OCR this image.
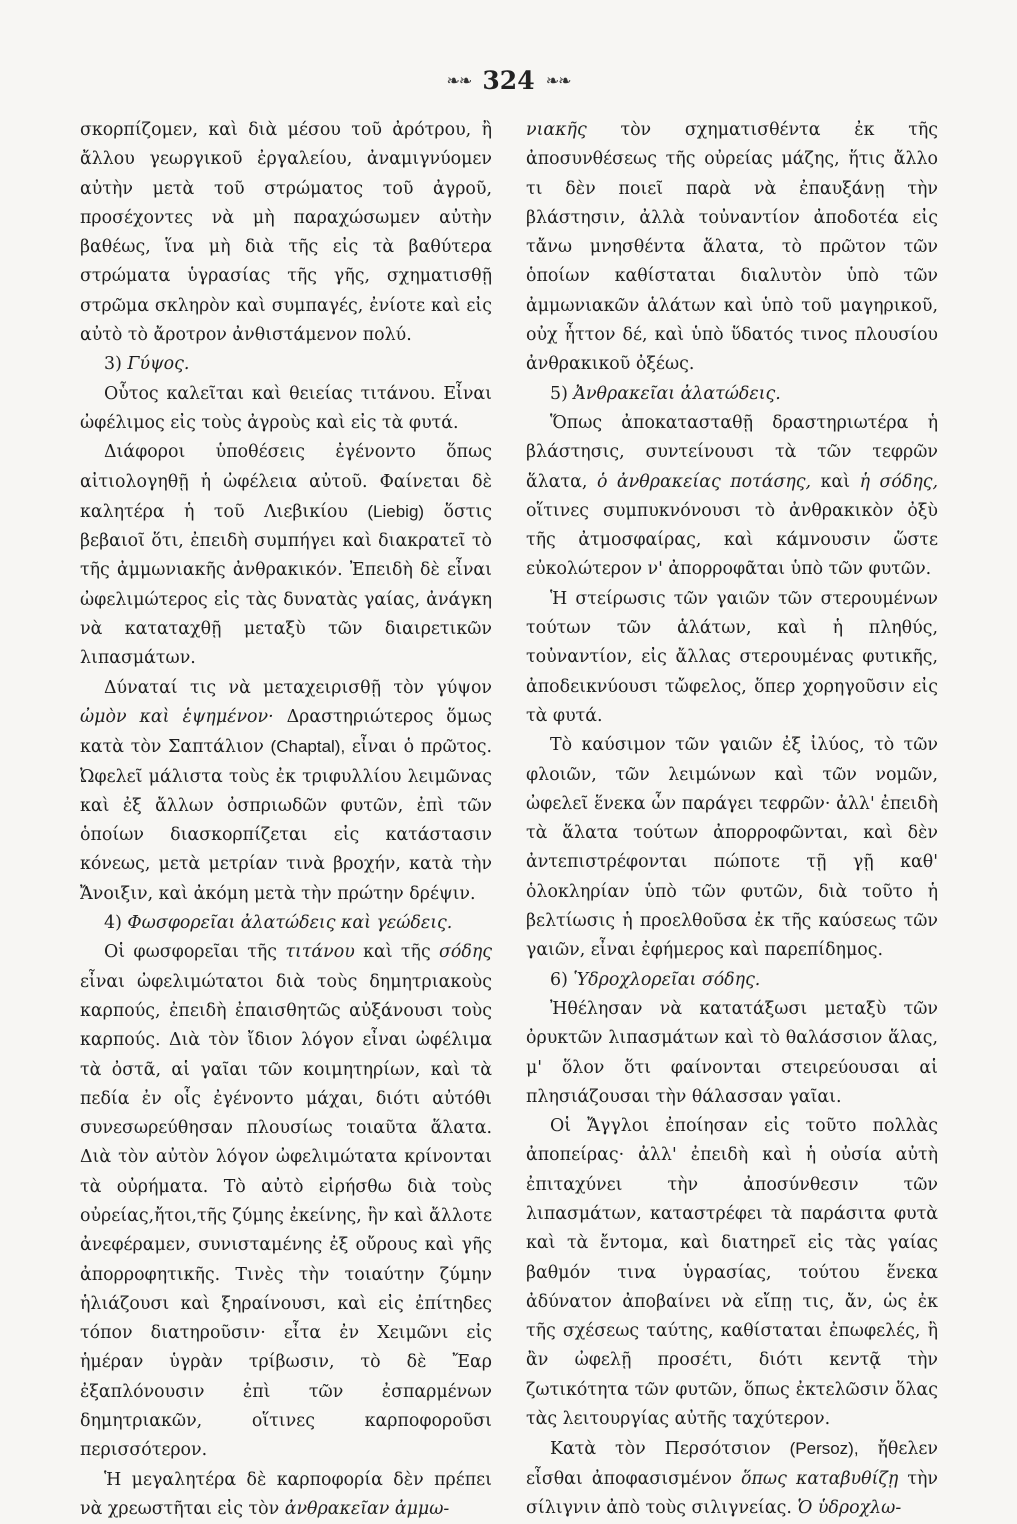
❧❧ 324 ❧❧

σκορπίζομεν, καὶ διὰ μέσου τοῦ ἀρότρου, ἢ ἄλλου γεωργικοῦ ἐργαλείου, ἀναμιγνύομεν αὐτὴν μετὰ τοῦ στρώματος τοῦ ἀγροῦ, προσέχοντες νὰ μὴ παραχώσωμεν αὐτὴν βαθέως, ἵνα μὴ διὰ τῆς εἰς τὰ βαθύτερα στρώματα ὑγρασίας τῆς γῆς, σχηματισθῇ στρῶμα σκληρὸν καὶ συμπαγές, ἐνίοτε καὶ εἰς αὐτὸ τὸ ἄροτρον ἀνθιστάμενον πολύ.

3) Γύψος.

Οὗτος καλεῖται καὶ θειείας τιτάνου. Εἶναι ὠφέλιμος εἰς τοὺς ἀγροὺς καὶ εἰς τὰ φυτά.

Διάφοροι ὑποθέσεις ἐγένοντο ὅπως αἰτιολογηθῇ ἡ ὠφέλεια αὐτοῦ. Φαίνεται δὲ καλητέρα ἡ τοῦ Λιεβικίου (Liebig) ὅστις βεβαιοῖ ὅτι, ἐπειδὴ συμπήγει καὶ διακρατεῖ τὸ τῆς ἀμμωνιακῆς ἀνθρακικόν. Ἐπειδὴ δὲ εἶναι ὠφελιμώτερος εἰς τὰς δυνατὰς γαίας, ἀνάγκη νὰ καταταχθῇ μεταξὺ τῶν διαιρετικῶν λιπασμάτων.

Δύναταί τις νὰ μεταχειρισθῇ τὸν γύψον ὠμὸν καὶ ἑψημένον· Δραστηριώτερος ὅμως κατὰ τὸν Σαπτάλιον (Chaptal), εἶναι ὁ πρῶτος. Ὠφελεῖ μάλιστα τοὺς ἐκ τριφυλλίου λειμῶνας καὶ ἐξ ἄλλων ὀσπριωδῶν φυτῶν, ἐπὶ τῶν ὁποίων διασκορπίζεται εἰς κατάστασιν κόνεως, μετὰ μετρίαν τινὰ βροχήν, κατὰ τὴν Ἄνοιξιν, καὶ ἀκόμη μετὰ τὴν πρώτην δρέψιν.

4) Φωσφορεῖαι ἀλατώδεις καὶ γεώδεις.

Οἱ φωσφορεῖαι τῆς τιτάνου καὶ τῆς σόδης εἶναι ὠφελιμώτατοι διὰ τοὺς δημητριακοὺς καρπούς, ἐπειδὴ ἐπαισθητῶς αὐξάνουσι τοὺς καρπούς. Διὰ τὸν ἴδιον λόγον εἶναι ὠφέλιμα τὰ ὀστᾶ, αἱ γαῖαι τῶν κοιμητηρίων, καὶ τὰ πεδία ἐν οἷς ἐγένοντο μάχαι, διότι αὐτόθι συνεσωρεύθησαν πλουσίως τοιαῦτα ἅλατα. Διὰ τὸν αὐτὸν λόγον ὠφελιμώτατα κρίνονται τὰ οὐρήματα. Τὸ αὐτὸ εἰρήσθω διὰ τοὺς οὐρείας,ἤτοι,τῆς ζύμης ἐκείνης, ἣν καὶ ἄλλοτε ἀνεφέραμεν, συνισταμένης ἐξ οὔρους καὶ γῆς ἀπορροφητικῆς. Τινὲς τὴν τοιαύτην ζύμην ἡλιάζουσι καὶ ξηραίνουσι, καὶ εἰς ἐπίτηδες τόπον διατηροῦσιν· εἶτα ἐν Χειμῶνι εἰς ἡμέραν ὑγρὰν τρίβωσιν, τὸ δὲ Ἔαρ ἐξαπλόνουσιν ἐπὶ τῶν ἐσπαρμένων δημητριακῶν, οἵτινες καρποφοροῦσι περισσότερον.

Ἡ μεγαλητέρα δὲ καρποφορία δὲν πρέπει νὰ χρεωστῆται εἰς τὸν ἀνθρακεῖαν ἀμμω-

νιακῆς τὸν σχηματισθέντα ἐκ τῆς ἀποσυνθέσεως τῆς οὐρείας μάζης, ἥτις ἄλλο τι δὲν ποιεῖ παρὰ νὰ ἐπαυξάνῃ τὴν βλάστησιν, ἀλλὰ τοὐναντίον ἀποδοτέα εἰς τἄνω μνησθέντα ἅλατα, τὸ πρῶτον τῶν ὁποίων καθίσταται διαλυτὸν ὑπὸ τῶν ἀμμωνιακῶν ἁλάτων καὶ ὑπὸ τοῦ μαγηρικοῦ, οὐχ ἧττον δέ, καὶ ὑπὸ ὕδατός τινος πλουσίου ἀνθρακικοῦ ὀξέως.

5) Ἀνθρακεῖαι ἀλατώδεις.

Ὅπως ἀποκατασταθῇ δραστηριωτέρα ἡ βλάστησις, συντείνουσι τὰ τῶν τεφρῶν ἅλατα, ὁ ἀνθρακείας ποτάσης, καὶ ἡ σόδης, οἵτινες συμπυκνόνουσι τὸ ἀνθρακικὸν ὀξὺ τῆς ἀτμοσφαίρας, καὶ κάμνουσιν ὥστε εὐκολώτερον ν' ἀπορροφᾶται ὑπὸ τῶν φυτῶν.

Ἡ στείρωσις τῶν γαιῶν τῶν στερουμένων τούτων τῶν ἁλάτων, καὶ ἡ πληθύς, τοὐναντίον, εἰς ἄλλας στερουμένας φυτικῆς, ἀποδεικνύουσι τὤφελος, ὅπερ χορηγοῦσιν εἰς τὰ φυτά.

Τὸ καύσιμον τῶν γαιῶν ἐξ ἰλύος, τὸ τῶν φλοιῶν, τῶν λειμώνων καὶ τῶν νομῶν, ὠφελεῖ ἕνεκα ὧν παράγει τεφρῶν· ἀλλ' ἐπειδὴ τὰ ἅλατα τούτων ἀπορροφῶνται, καὶ δὲν ἀντεπιστρέφονται πώποτε τῇ γῇ καθ' ὁλοκληρίαν ὑπὸ τῶν φυτῶν, διὰ τοῦτο ἡ βελτίωσις ἡ προελθοῦσα ἐκ τῆς καύσεως τῶν γαιῶν, εἶναι ἐφήμερος καὶ παρεπίδημος.

6) Ὑδροχλορεῖαι σόδης.

Ἠθέλησαν νὰ κατατάξωσι μεταξὺ τῶν ὀρυκτῶν λιπασμάτων καὶ τὸ θαλάσσιον ἅλας, μ' ὅλον ὅτι φαίνονται στειρεύουσαι αἱ πλησιάζουσαι τὴν θάλασσαν γαῖαι.

Οἱ Ἄγγλοι ἐποίησαν εἰς τοῦτο πολλὰς ἀποπείρας· ἀλλ' ἐπειδὴ καὶ ἡ οὐσία αὐτὴ ἐπιταχύνει τὴν ἀποσύνθεσιν τῶν λιπασμάτων, καταστρέφει τὰ παράσιτα φυτὰ καὶ τὰ ἔντομα, καὶ διατηρεῖ εἰς τὰς γαίας βαθμόν τινα ὑγρασίας, τούτου ἕνεκα ἀδύνατον ἀποβαίνει νὰ εἴπῃ τις, ἄν, ὡς ἐκ τῆς σχέσεως ταύτης, καθίσταται ἐπωφελές, ἢ ἂν ὠφελῇ προσέτι, διότι κεντᾷ τὴν ζωτικότητα τῶν φυτῶν, ὅπως ἐκτελῶσιν ὅλας τὰς λειτουργίας αὐτῆς ταχύτερον.

Κατὰ τὸν Περσότσιον (Persoz), ἤθελεν εἶσθαι ἀποφασισμένον ὅπως καταβυθίζῃ τὴν σίλιγνιν ἀπὸ τοὺς σιλιγνείας. Ὁ ὑδροχλω-
